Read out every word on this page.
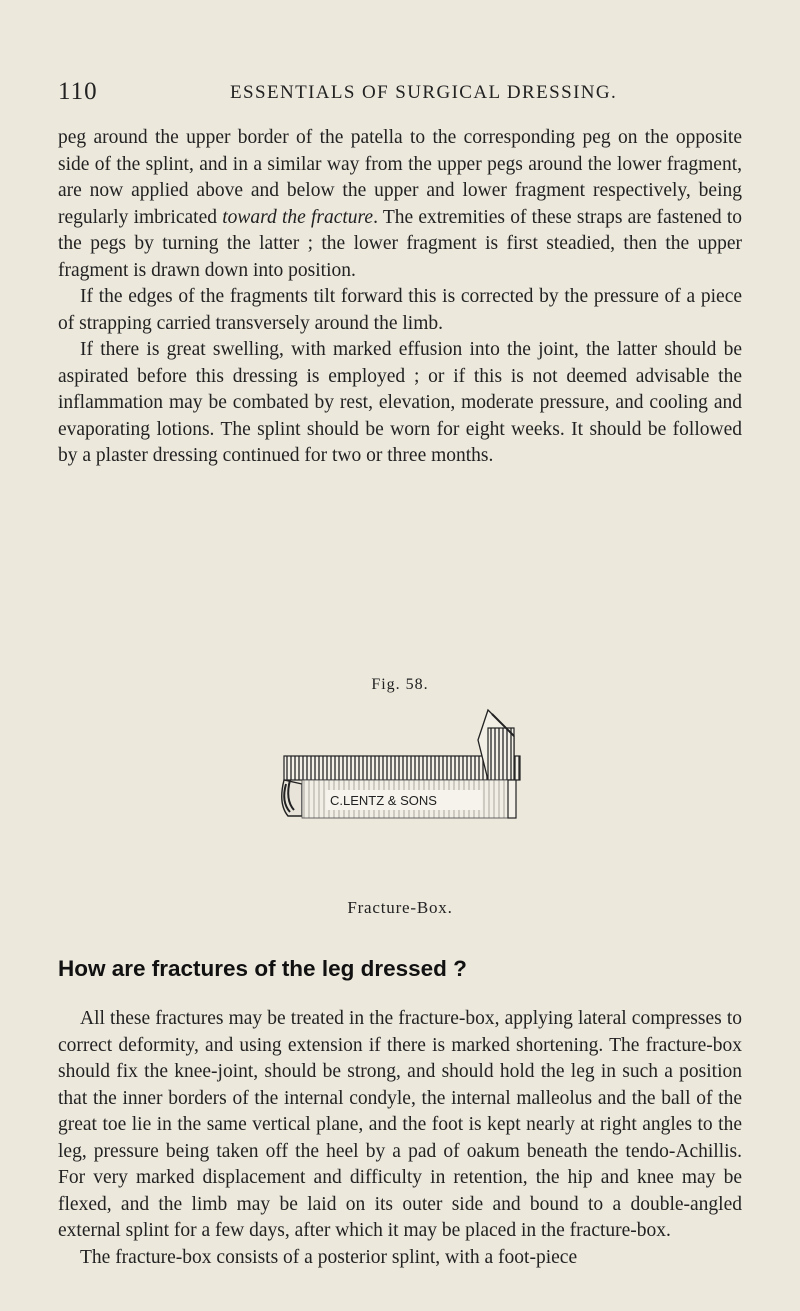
110	ESSENTIALS OF SURGICAL DRESSING.

peg around the upper border of the patella to the corresponding peg on the opposite side of the splint, and in a similar way from the upper pegs around the lower fragment, are now applied above and below the upper and lower fragment respectively, being regularly imbricated toward the fracture. The extremities of these straps are fastened to the pegs by turning the latter ; the lower fragment is first steadied, then the upper fragment is drawn down into position.

If the edges of the fragments tilt forward this is corrected by the pressure of a piece of strapping carried transversely around the limb.

If there is great swelling, with marked effusion into the joint, the latter should be aspirated before this dressing is employed ; or if this is not deemed advisable the inflammation may be combated by rest, elevation, moderate pressure, and cooling and evaporating lotions. The splint should be worn for eight weeks. It should be followed by a plaster dressing continued for two or three months.

Fig. 58.
C.LENTZ & SONS
Fracture-Box.
How are fractures of the leg dressed ?

All these fractures may be treated in the fracture-box, applying lateral compresses to correct deformity, and using extension if there is marked shortening. The fracture-box should fix the knee-joint, should be strong, and should hold the leg in such a position that the inner borders of the internal condyle, the internal malleolus and the ball of the great toe lie in the same vertical plane, and the foot is kept nearly at right angles to the leg, pressure being taken off the heel by a pad of oakum beneath the tendo-Achillis. For very marked displacement and difficulty in retention, the hip and knee may be flexed, and the limb may be laid on its outer side and bound to a double-angled external splint for a few days, after which it may be placed in the fracture-box.

The fracture-box consists of a posterior splint, with a foot-piece
